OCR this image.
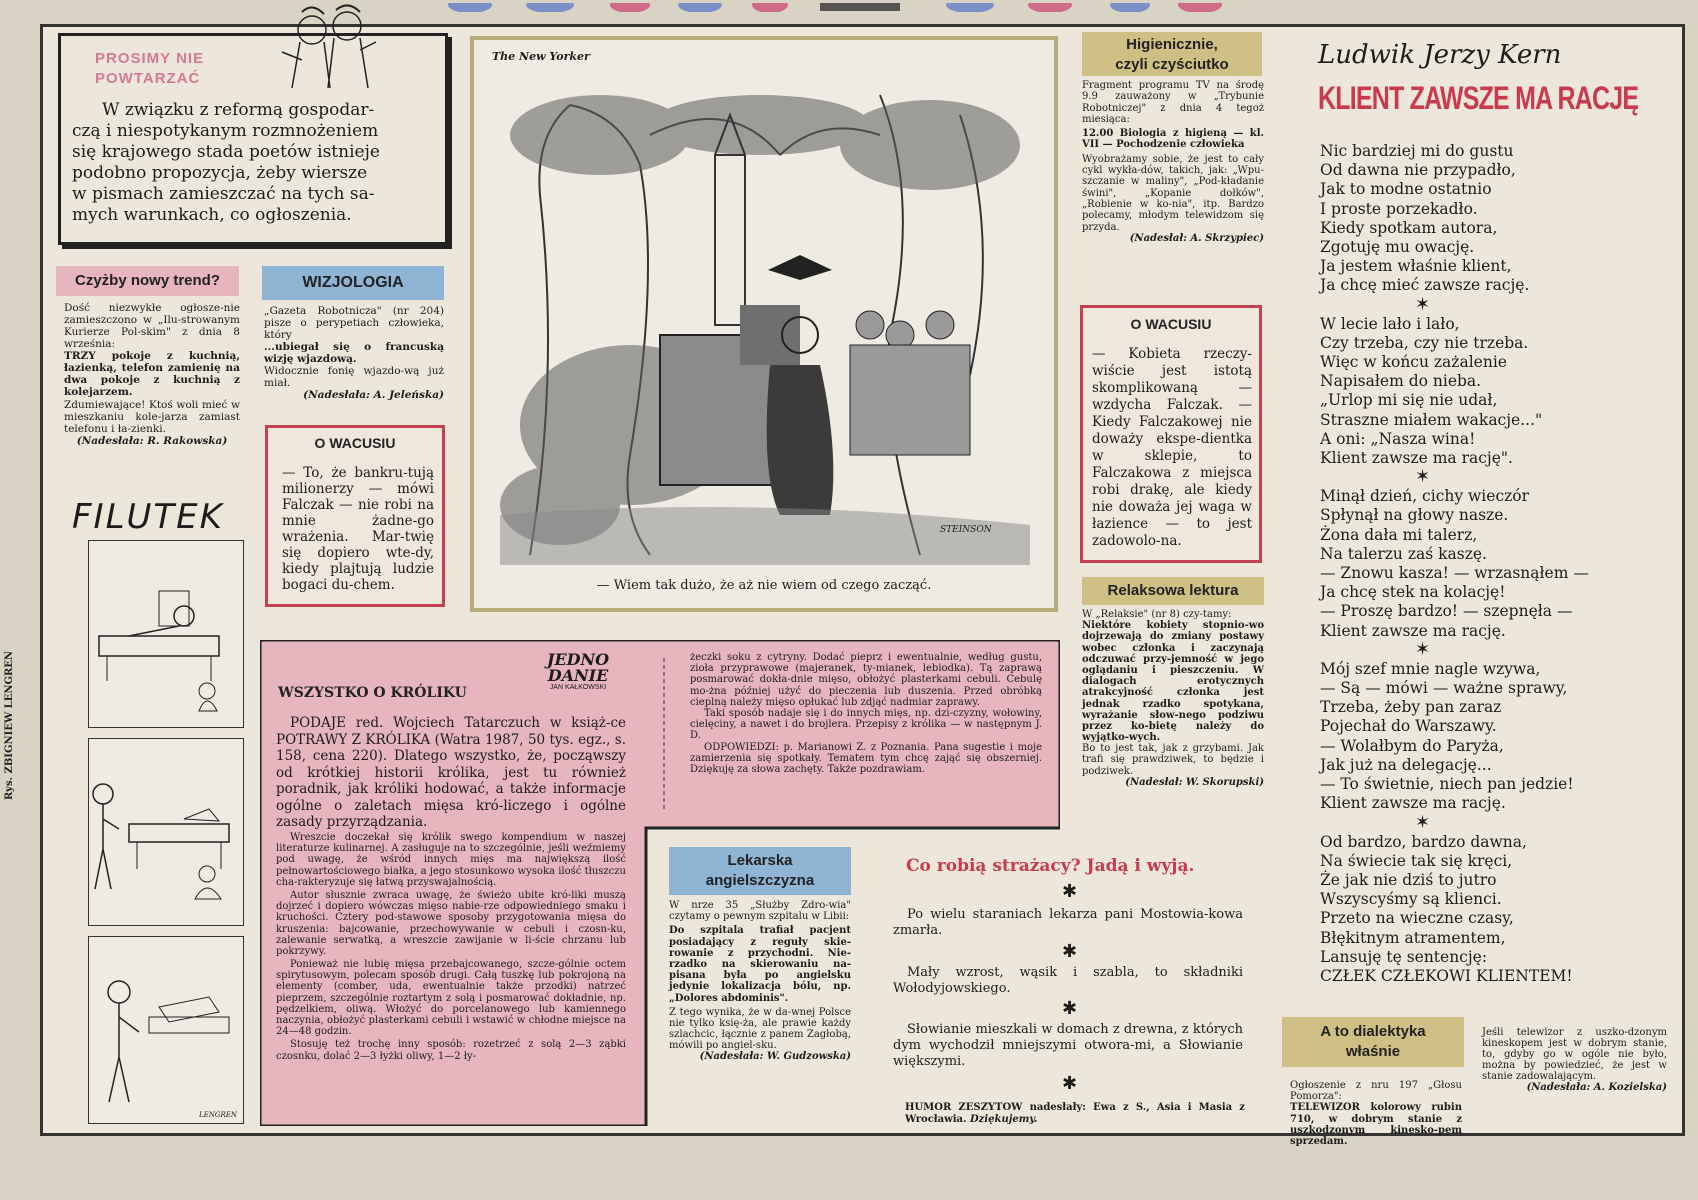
Rys. ZBIGNIEW LENGREN
PROSIMY NIE
POWTARZAĆ
W związku z reformą gospodar-
czą i niespotykanym rozmnożeniem
się krajowego stada poetów istnieje
podobno propozycja, żeby wiersze
w pismach zamieszczać na tych sa-
mych warunkach, co ogłoszenia.
Czyżby nowy trend?

Dość niezwykłe ogłosze-nie zamieszczono w „Ilu-strowanym Kurierze Pol-skim" z dnia 8 września:

TRZY pokoje z kuchnią, łazienką, telefon zamienię na dwa pokoje z kuchnią z kolejarzem.

Zdumiewające! Ktoś woli mieć w mieszkaniu kole-jarza zamiast telefonu i ła-zienki.

(Nadesłała: R. Rakowska)

WIZJOLOGIA

„Gazeta Robotnicza" (nr 204) pisze o perypetiach człowieka, który

...ubiegał się o francuską wizję wjazdową.

Widocznie fonię wjazdo-wą już miał.

(Nadesłała: A. Jeleńska)

O WACUSIU
— To, że bankru-tują milionerzy — mówi Falczak — nie robi na mnie żadne-go wrażenia. Mar-twię się dopiero wte-dy, kiedy plajtują ludzie bogaci du-chem.
FILUTEK
LENGREN
The New Yorker
STEINSON
— Wiem tak dużo, że aż nie wiem od czego zacząć.
Higienicznie,
czyli czyściutko

Fragment programu TV na środę 9.9 zauważony w „Trybunie Robotniczej" z dnia 4 tegoż miesiąca:

12.00 Biologia z higieną — kl. VII — Pochodzenie człowieka

Wyobrażamy sobie, że jest to cały cykl wykła-dów, takich, jak: „Wpu-szczanie w maliny", „Pod-kładanie świni", „Kopanie dołków", „Robienie w ko-nia", itp. Bardzo polecamy, młodym telewidzom się przyda.

(Nadesłał: A. Skrzypiec)

O WACUSIU
— Kobieta rzeczy-wiście jest istotą skomplikowaną — wzdycha Falczak. — Kiedy Falczakowej nie doważy ekspe-dientka w sklepie, to Falczakowa z miejsca robi drakę, ale kiedy nie doważa jej waga w łazience — to jest zadowolo-na.
Relaksowa lektura

W „Relaksie" (nr 8) czy-tamy:

Niektóre kobiety stopnio-wo dojrzewają do zmiany postawy wobec członka i zaczynają odczuwać przy-jemność w jego oglądaniu i pieszczeniu. W dialogach erotycznych atrakcyjność członka jest jednak rzadko spotykana, wyrażanie słow-nego podziwu przez ko-bietę należy do wyjątko-wych.

Bo to jest tak, jak z grzybami. Jak trafi się prawdziwek, to będzie i podziwek.

(Nadesłał: W. Skorupski)

WSZYSTKO O KRÓLIKU
JEDNO
DANIE
JAN KAŁKOWSKI

PODAJE red. Wojciech Tatarczuch w książ-ce POTRAWY Z KRÓLIKA (Watra 1987, 50 tys. egz., s. 158, cena 220). Dlatego wszystko, że, począwszy od krótkiej historii królika, jest tu również poradnik, jak króliki hodować, a także informacje ogólne o zaletach mięsa kró-liczego i ogólne zasady przyrządzania.

Wreszcie doczekał się królik swego kompendium w naszej literaturze kulinarnej. A zasługuje na to szczególnie, jeśli weźmiemy pod uwagę, że wśród innych mięs ma największą ilość pełnowartościowego białka, a jego stosunkowo wysoka ilość tłuszczu cha-rakteryzuje się łatwą przyswajalnością.

Autor słusznie zwraca uwagę, że świeżo ubite kró-liki muszą dojrzeć i dopiero wówczas mięso nabie-rze odpowiedniego smaku i kruchości. Cztery pod-stawowe sposoby przygotowania mięsa do kruszenia: bajcowanie, przechowywanie w cebuli i czosn-ku, zalewanie serwatką, a wreszcie zawijanie w li-ście chrzanu lub pokrzywy.

Ponieważ nie lubię mięsa przebajcowanego, szcze-gólnie octem spirytusowym, polecam sposób drugi. Całą tuszkę lub pokrojoną na elementy (comber, uda, ewentualnie także przodki) natrzeć pieprzem, szczególnie roztartym z solą i posmarować dokładnie, np. pędzelkiem, oliwą. Włożyć do porcelanowego lub kamiennego naczynia, obłożyć plasterkami cebuli i wstawić w chłodne miejsce na 24—48 godzin.

Stosuję też trochę inny sposób: rozetrzeć z solą 2—3 ząbki czosnku, dolać 2—3 łyżki oliwy, 1—2 ły-

żeczki soku z cytryny. Dodać pieprz i ewentualnie, według gustu, zioła przyprawowe (majeranek, ty-mianek, lebiodka). Tą zaprawą posmarować dokła-dnie mięso, obłożyć plasterkami cebuli. Cebulę mo-żna później użyć do pieczenia lub duszenia. Przed obróbką cieplną należy mięso opłukać lub zdjąć nadmiar zaprawy.

Taki sposób nadaje się i do innych mięs, np. dzi-czyzny, wołowiny, cielęciny, a nawet i do brojlera. Przepisy z królika — w następnym J. D.

ODPOWIEDZI: p. Marianowi Z. z Poznania. Pana sugestie i moje zamierzenia się spotkały. Tematem tym chcę zająć się obszerniej. Dziękuję za słowa zachęty. Także pozdrawiam.

Lekarska
angielszczyzna

W nrze 35 „Służby Zdro-wia" czytamy o pewnym szpitalu w Libii:

Do szpitala trafiał pacjent posiadający z reguły skie-rowanie z przychodni. Nie-rzadko na skierowaniu na-pisana była po angielsku jedynie lokalizacja bólu, np. „Dolores abdominis".

Z tego wynika, że w da-wnej Polsce nie tylko księ-ża, ale prawie każdy szlachcic, łącznie z panem Zagłobą, mówili po angiel-sku.

(Nadesłała: W. Gudzowska)

Co robią strażacy? Jadą i wyją.
✱
Po wielu staraniach lekarza pani Mostowia-kowa zmarła.
✱
Mały wzrost, wąsik i szabla, to składniki Wołodyjowskiego.
✱
Słowianie mieszkali w domach z drewna, z których dym wychodził mniejszymi otwora-mi, a Słowianie większymi.
✱
HUMOR ZESZYTOW nadesłały: Ewa z S., Asia i Masia z Wrocławia. Dziękujemy.
Ludwik Jerzy Kern
KLIENT ZAWSZE MA RACJĘ
Nic bardziej mi do gustu
Od dawna nie przypadło,
Jak to modne ostatnio
I proste porzekadło.
Kiedy spotkam autora,
Zgotuję mu owację.
Ja jestem właśnie klient,
Ja chcę mieć zawsze rację.
✶
W lecie lało i lało,
Czy trzeba, czy nie trzeba.
Więc w końcu zażalenie
Napisałem do nieba.
„Urlop mi się nie udał,
Straszne miałem wakacje..."
A oni: „Nasza wina!
Klient zawsze ma rację".
✶
Minął dzień, cichy wieczór
Spłynął na głowy nasze.
Żona dała mi talerz,
Na talerzu zaś kaszę.
— Znowu kasza! — wrzasnąłem —
Ja chcę stek na kolację!
— Proszę bardzo! — szepnęła —
Klient zawsze ma rację.
✶
Mój szef mnie nagle wzywa,
— Są — mówi — ważne sprawy,
Trzeba, żeby pan zaraz
Pojechał do Warszawy.
— Wolałbym do Paryża,
Jak już na delegację...
— To świetnie, niech pan jedzie!
Klient zawsze ma rację.
✶
Od bardzo, bardzo dawna,
Na świecie tak się kręci,
Że jak nie dziś to jutro
Wszyscyśmy są klienci.
Przeto na wieczne czasy,
Błękitnym atramentem,
Lansuję tę sentencję:
CZŁEK CZŁEKOWI KLIENTEM!
A to dialektyka
właśnie

Ogłoszenie z nru 197 „Głosu Pomorza":

TELEWIZOR kolorowy rubin 710, w dobrym stanie z uszkodzonym kinesko-pem sprzedam.

Jeśli telewizor z uszko-dzonym kineskopem jest w dobrym stanie, to, gdyby go w ogóle nie było, można by powiedzieć, że jest w stanie zadowalającym.

(Nadesłała: A. Kozielska)
